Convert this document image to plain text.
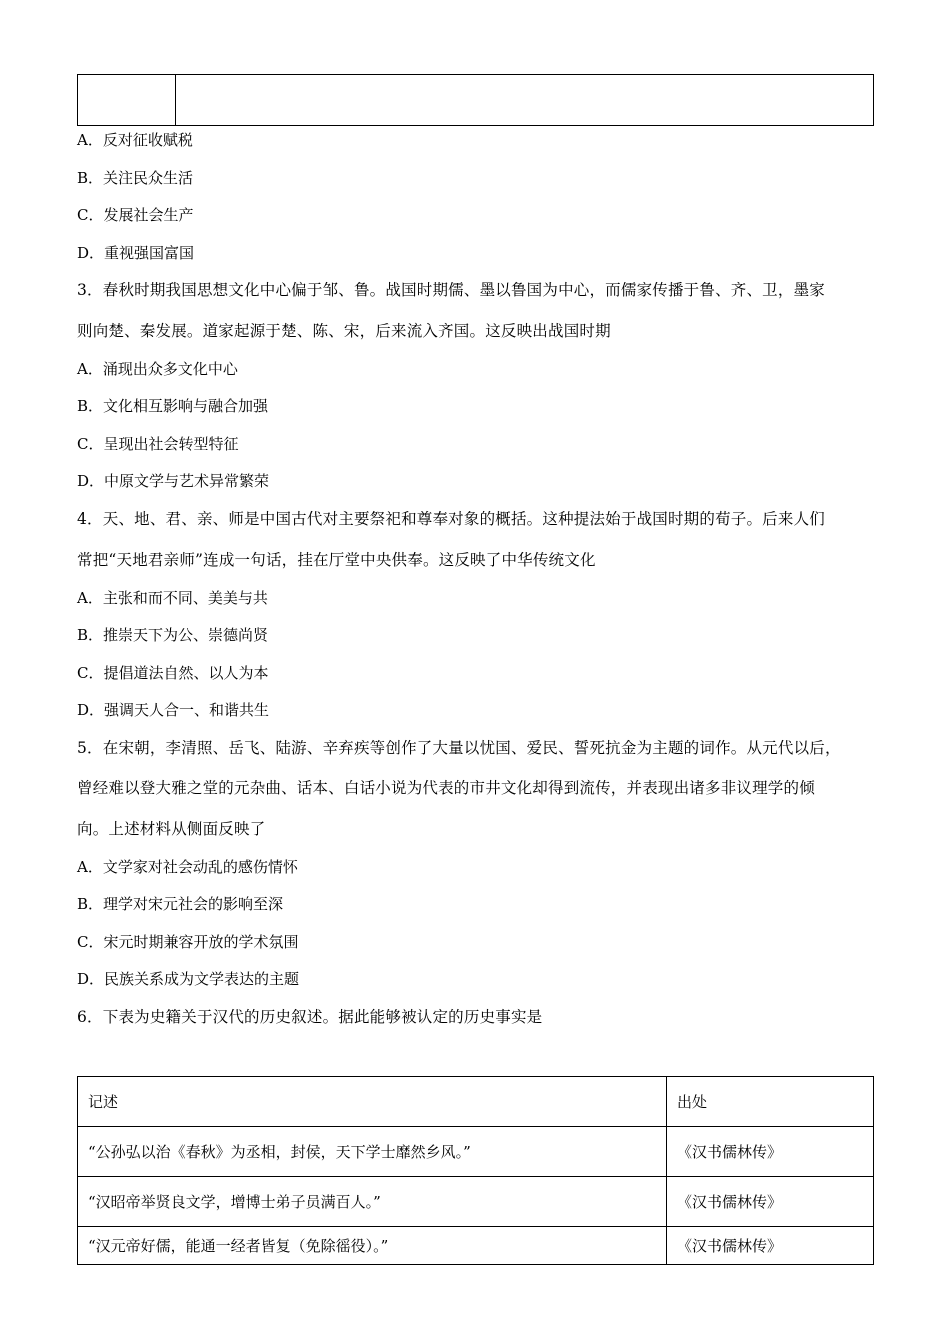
A．反对征收赋税
B．关注民众生活
C．发展社会生产
D．重视强国富国
3．春秋时期我国思想文化中心偏于邹、鲁。战国时期儒、墨以鲁国为中心，而儒家传播于鲁、齐、卫，墨家
则向楚、秦发展。道家起源于楚、陈、宋，后来流入齐国。这反映出战国时期
A．涌现出众多文化中心
B．文化相互影响与融合加强
C．呈现出社会转型特征
D．中原文学与艺术异常繁荣
4．天、地、君、亲、师是中国古代对主要祭祀和尊奉对象的概括。这种提法始于战国时期的荀子。后来人们
常把“天地君亲师”连成一句话，挂在厅堂中央供奉。这反映了中华传统文化
A．主张和而不同、美美与共
B．推崇天下为公、崇德尚贤
C．提倡道法自然、以人为本
D．强调天人合一、和谐共生
5．在宋朝，李清照、岳飞、陆游、辛弃疾等创作了大量以忧国、爱民、誓死抗金为主题的词作。从元代以后，
曾经难以登大雅之堂的元杂曲、话本、白话小说为代表的市井文化却得到流传，并表现出诸多非议理学的倾
向。上述材料从侧面反映了
A．文学家对社会动乱的感伤情怀
B．理学对宋元社会的影响至深
C．宋元时期兼容开放的学术氛围
D．民族关系成为文学表达的主题
6．下表为史籍关于汉代的历史叙述。据此能够被认定的历史事实是
记述	出处
“公孙弘以治《春秋》为丞相，封侯，天下学士靡然乡风。”	《汉书儒林传》
“汉昭帝举贤良文学，增博士弟子员满百人。”	《汉书儒林传》
“汉元帝好儒，能通一经者皆复（免除徭役）。”	《汉书儒林传》
